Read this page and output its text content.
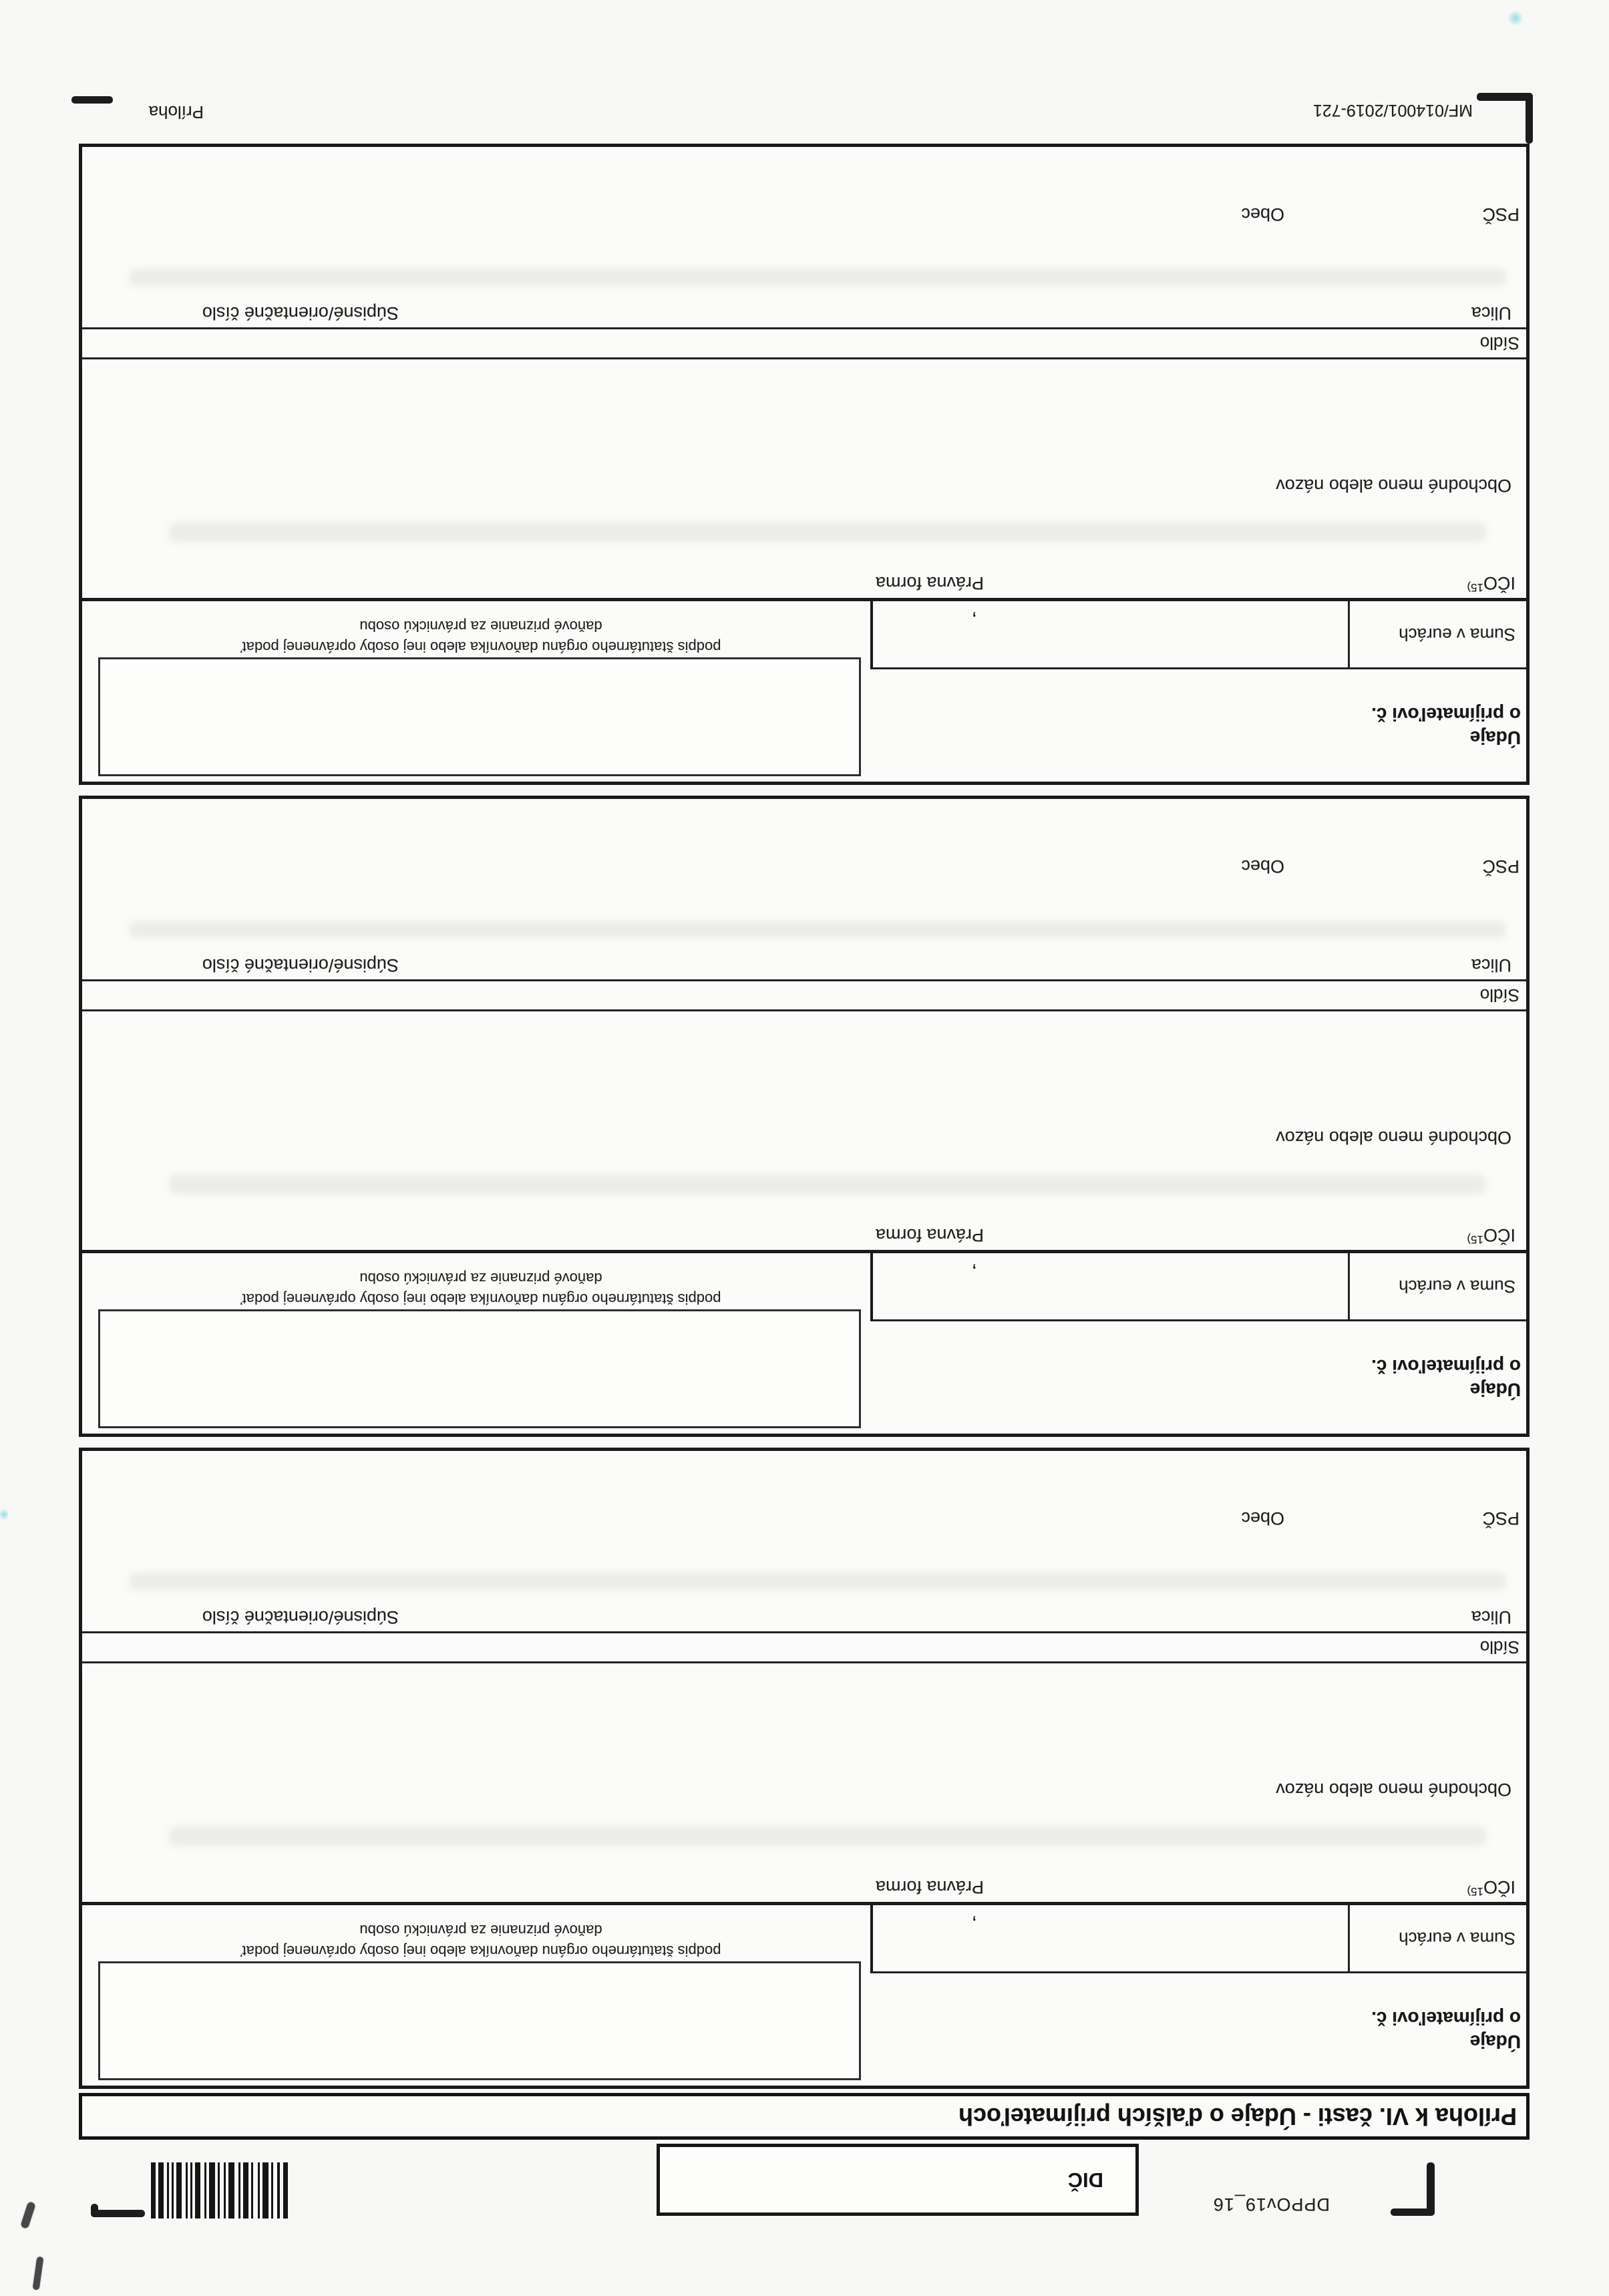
DPPOv19_16
DIČ
Príloha k VI. časti - Údaje o ďalších prijímateľoch
Údaje
o prijímateľovi č.
podpis štatutárneho orgánu daňovníka alebo inej osoby oprávnenej podať
daňové priznanie za právnickú osobu	Suma v eurách
,
IČO$^{15)}$
Právna forma
Obchodné meno alebo názov
Sídlo
Ulica
Súpisné/orientačné číslo
PSČ
Obec
Údaje
o prijímateľovi č.
podpis štatutárneho orgánu daňovníka alebo inej osoby oprávnenej podať
daňové priznanie za právnickú osobu	Suma v eurách
,
IČO$^{15)}$
Právna forma
Obchodné meno alebo názov
Sídlo
Ulica
Súpisné/orientačné číslo
PSČ
Obec
Údaje
o prijímateľovi č.
podpis štatutárneho orgánu daňovníka alebo inej osoby oprávnenej podať
daňové priznanie za právnickú osobu	Suma v eurách
,
IČO$^{15)}$
Právna forma
Obchodné meno alebo názov
Sídlo
Ulica
Súpisné/orientačné číslo
PSČ
Obec
MF/014001/2019-721
Príloha
